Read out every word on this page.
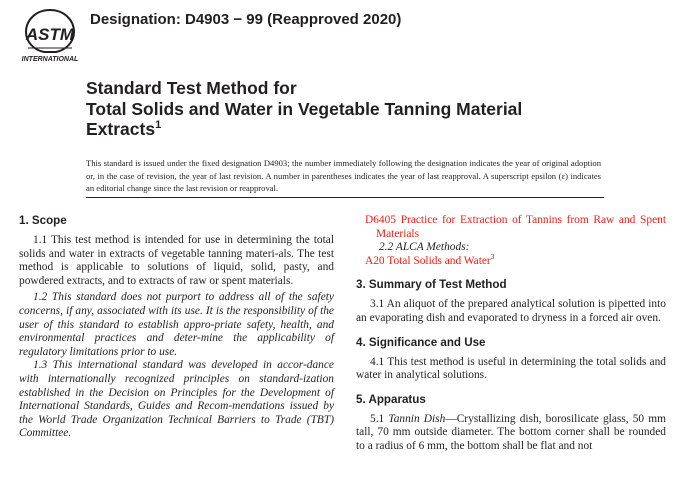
ASTM
INTERNATIONAL
Designation: D4903 − 99 (Reapproved 2020)
Standard Test Method for
Total Solids and Water in Vegetable Tanning Material
Extracts$^1$

This standard is issued under the fixed designation D4903; the number immediately following the designation indicates the year of original adoption or, in the case of revision, the year of last revision. A number in parentheses indicates the year of last reapproval. A superscript epsilon (ε) indicates an editorial change since the last revision or reapproval.

1. Scope

1.1 This test method is intended for use in determining the total solids and water in extracts of vegetable tanning materi-als. The test method is applicable to solutions of liquid, solid, pasty, and powdered extracts, and to extracts of raw or spent materials.

1.2 This standard does not purport to address all of the safety concerns, if any, associated with its use. It is the responsibility of the user of this standard to establish appro-priate safety, health, and environmental practices and deter-mine the applicability of regulatory limitations prior to use.

1.3 This international standard was developed in accor-dance with internationally recognized principles on standard-ization established in the Decision on Principles for the Development of International Standards, Guides and Recom-mendations issued by the World Trade Organization Technical Barriers to Trade (TBT) Committee.

D6405 Practice for Extraction of Tannins from Raw and Spent Materials

2.2 ALCA Methods:

A20 Total Solids and Water$^3$
3. Summary of Test Method

3.1 An aliquot of the prepared analytical solution is pipetted into an evaporating dish and evaporated to dryness in a forced air oven.

4. Significance and Use

4.1 This test method is useful in determining the total solids and water in analytical solutions.

5. Apparatus

5.1 Tannin Dish—Crystallizing dish, borosilicate glass, 50 mm tall, 70 mm outside diameter. The bottom corner shall be rounded to a radius of 6 mm, the bottom shall be flat and not
